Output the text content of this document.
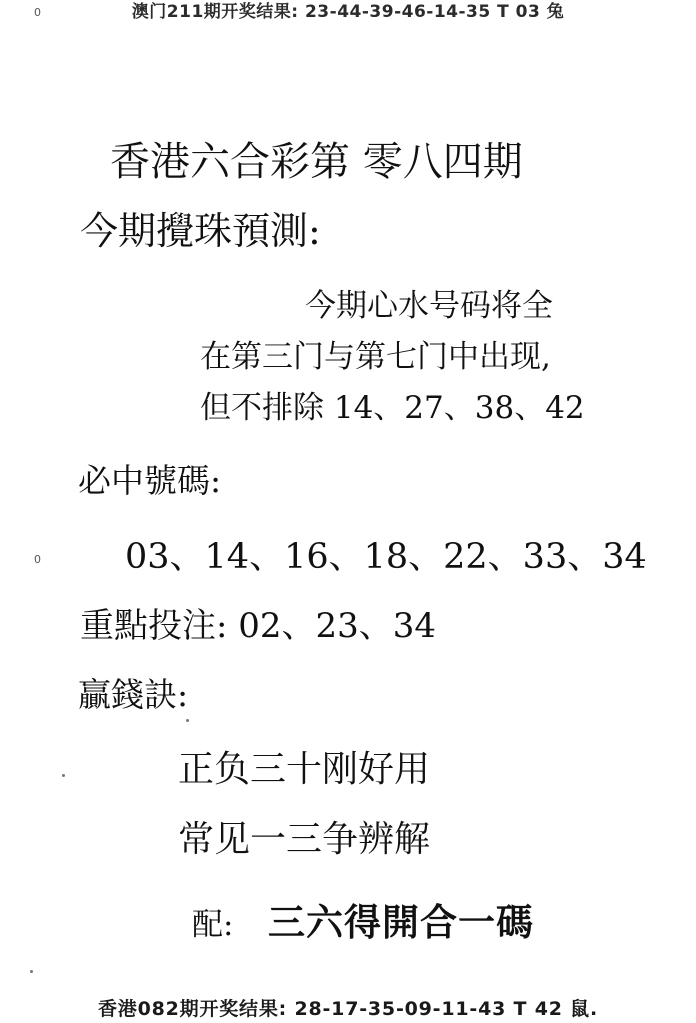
澳门211期开奖结果: 23-44-39-46-14-35 T 03 兔
0
香港六合彩第 零八四期
今期攪珠預測:
今期心水号码将全
在第三门与第七门中出现,
但不排除 14、27、38、42
必中號碼:
0 03、14、16、18、22、33、34
重點投注: 02、23、34
贏錢訣:
正负三十刚好用
常见一三争辨解
配: 三六得開合一碼
香港082期开奖结果: 28-17-35-09-11-43 T 42 鼠.
